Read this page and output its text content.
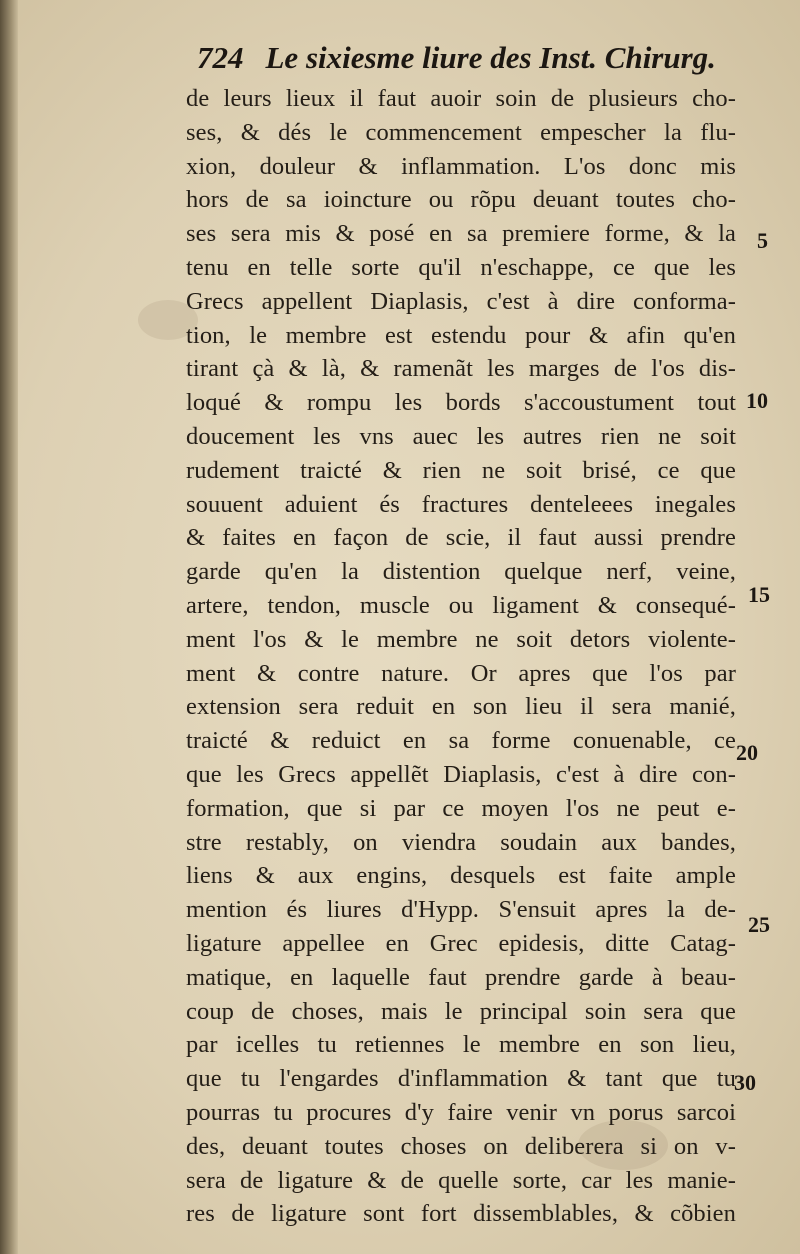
724 Le sixiesme liure des Inst. Chirurg.
de leurs lieux il faut auoir soin de plusieurs cho-
ses, & dés le commencement empescher la flu-
xion, douleur & inflammation. L'os donc mis
hors de sa ioincture ou rõpu deuant toutes cho-
ses sera mis & posé en sa premiere forme, & la
tenu en telle sorte qu'il n'eschappe, ce que les
Grecs appellent Diaplasis, c'est à dire conforma-
tion, le membre est estendu pour & afin qu'en
tirant çà & là, & ramenãt les marges de l'os dis-
loqué & rompu les bords s'accoustument tout
doucement les vns auec les autres rien ne soit
rudement traicté & rien ne soit brisé, ce que
souuent aduient és fractures denteleees inegales
& faites en façon de scie, il faut aussi prendre
garde qu'en la distention quelque nerf, veine,
artere, tendon, muscle ou ligament & consequé-
ment l'os & le membre ne soit detors violente-
ment & contre nature. Or apres que l'os par
extension sera reduit en son lieu il sera manié,
traicté & reduict en sa forme conuenable, ce
que les Grecs appellẽt Diaplasis, c'est à dire con-
formation, que si par ce moyen l'os ne peut e-
stre restably, on viendra soudain aux bandes,
liens & aux engins, desquels est faite ample
mention és liures d'Hypp. S'ensuit apres la de-
ligature appellee en Grec epidesis, ditte Catag-
matique, en laquelle faut prendre garde à beau-
coup de choses, mais le principal soin sera que
par icelles tu retiennes le membre en son lieu,
que tu l'engardes d'inflammation & tant que tu
pourras tu procures d'y faire venir vn porus sarcoi
des, deuant toutes choses on deliberera si on v-
sera de ligature & de quelle sorte, car les manie-
res de ligature sont fort dissemblables, & cõbien
5
10
15
20
25
30
